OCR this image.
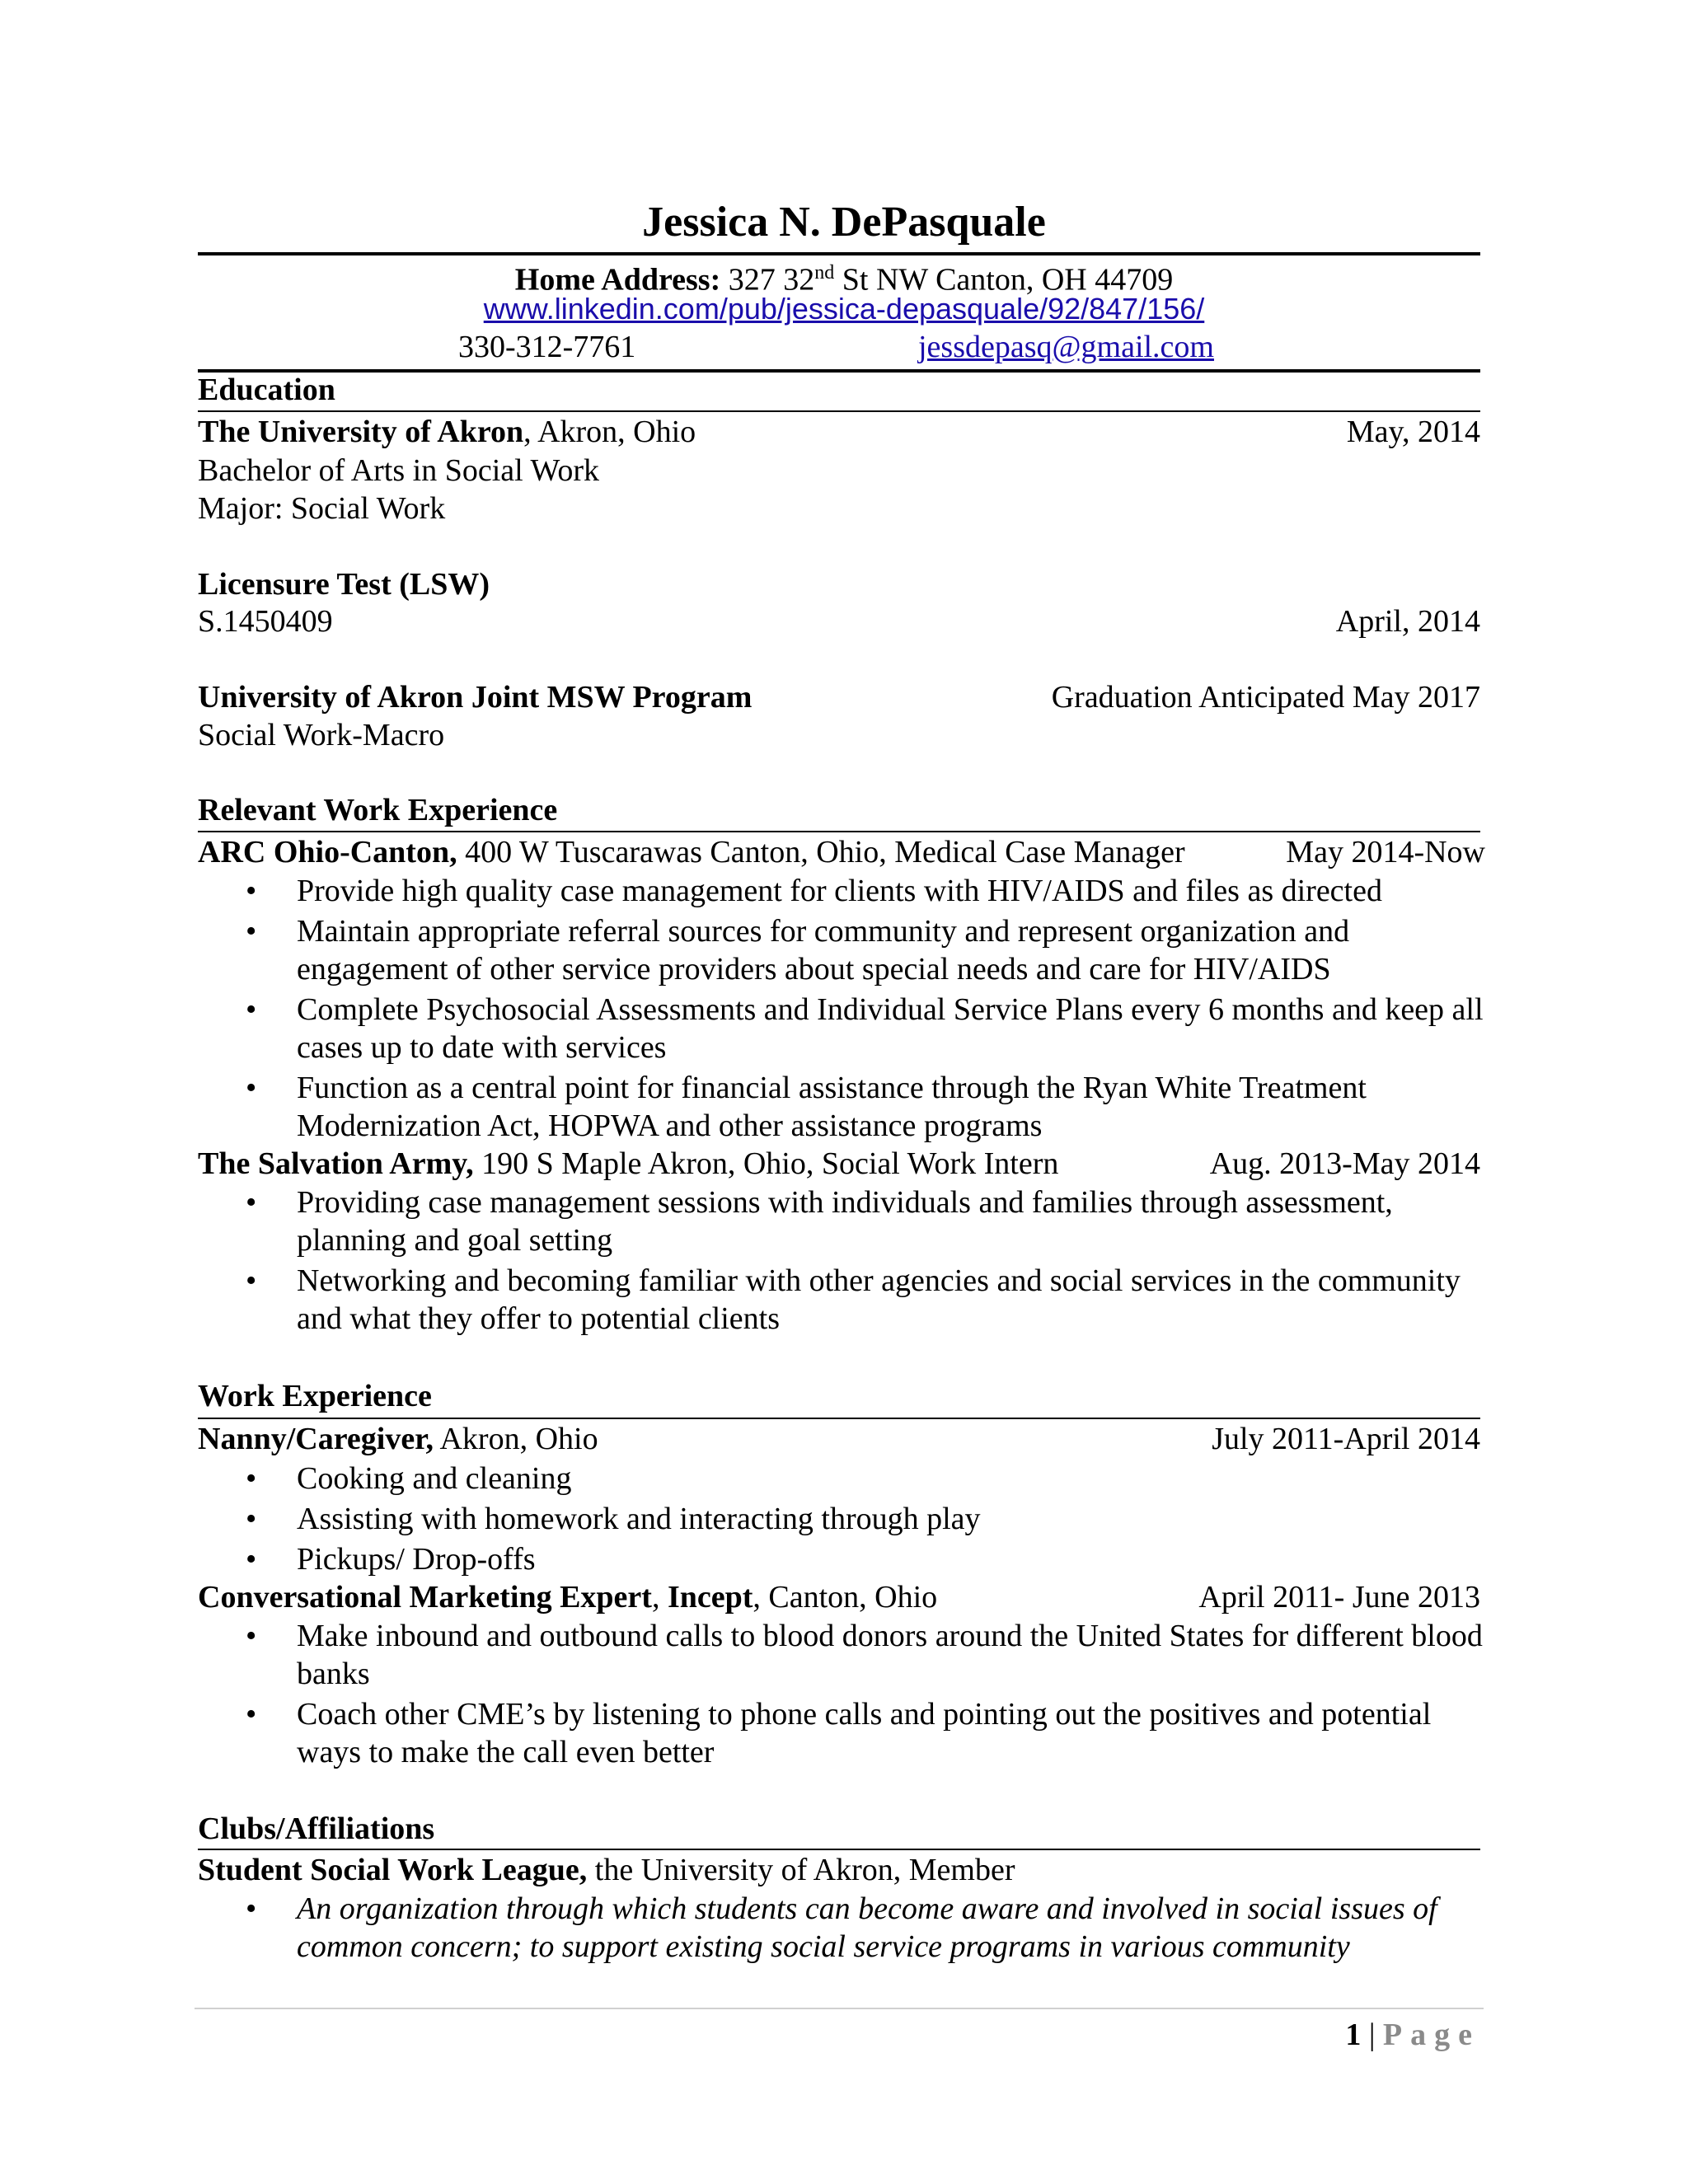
Jessica N. DePasquale
Home Address: 327 32nd St NW Canton, OH 44709
www.linkedin.com/pub/jessica-depasquale/92/847/156/
330-312-7761	jessdepasq@gmail.com
Education
The University of Akron, Akron, Ohio	May, 2014
Bachelor of Arts in Social Work
Major: Social Work
Licensure Test (LSW)
S.1450409	April, 2014
University of Akron Joint MSW Program	Graduation Anticipated May 2017
Social Work-Macro
Relevant Work Experience
ARC Ohio-Canton, 400 W Tuscarawas Canton, Ohio, Medical Case Manager	May 2014-Now
• Provide high quality case management for clients with HIV/AIDS and files as directed
• Maintain appropriate referral sources for community and represent organization and engagement of other service providers about special needs and care for HIV/AIDS
• Complete Psychosocial Assessments and Individual Service Plans every 6 months and keep all cases up to date with services
• Function as a central point for financial assistance through the Ryan White Treatment Modernization Act, HOPWA and other assistance programs
The Salvation Army, 190 S Maple Akron, Ohio, Social Work Intern	Aug. 2013-May 2014
• Providing case management sessions with individuals and families through assessment, planning and goal setting
• Networking and becoming familiar with other agencies and social services in the community and what they offer to potential clients
Work Experience
Nanny/Caregiver, Akron, Ohio	July 2011-April 2014
• Cooking and cleaning
• Assisting with homework and interacting through play
• Pickups/ Drop-offs
Conversational Marketing Expert, Incept, Canton, Ohio	April 2011- June 2013
• Make inbound and outbound calls to blood donors around the United States for different blood banks
• Coach other CME’s by listening to phone calls and pointing out the positives and potential ways to make the call even better
Clubs/Affiliations
Student Social Work League, the University of Akron, Member
• An organization through which students can become aware and involved in social issues of common concern; to support existing social service programs in various community
1 | Page
